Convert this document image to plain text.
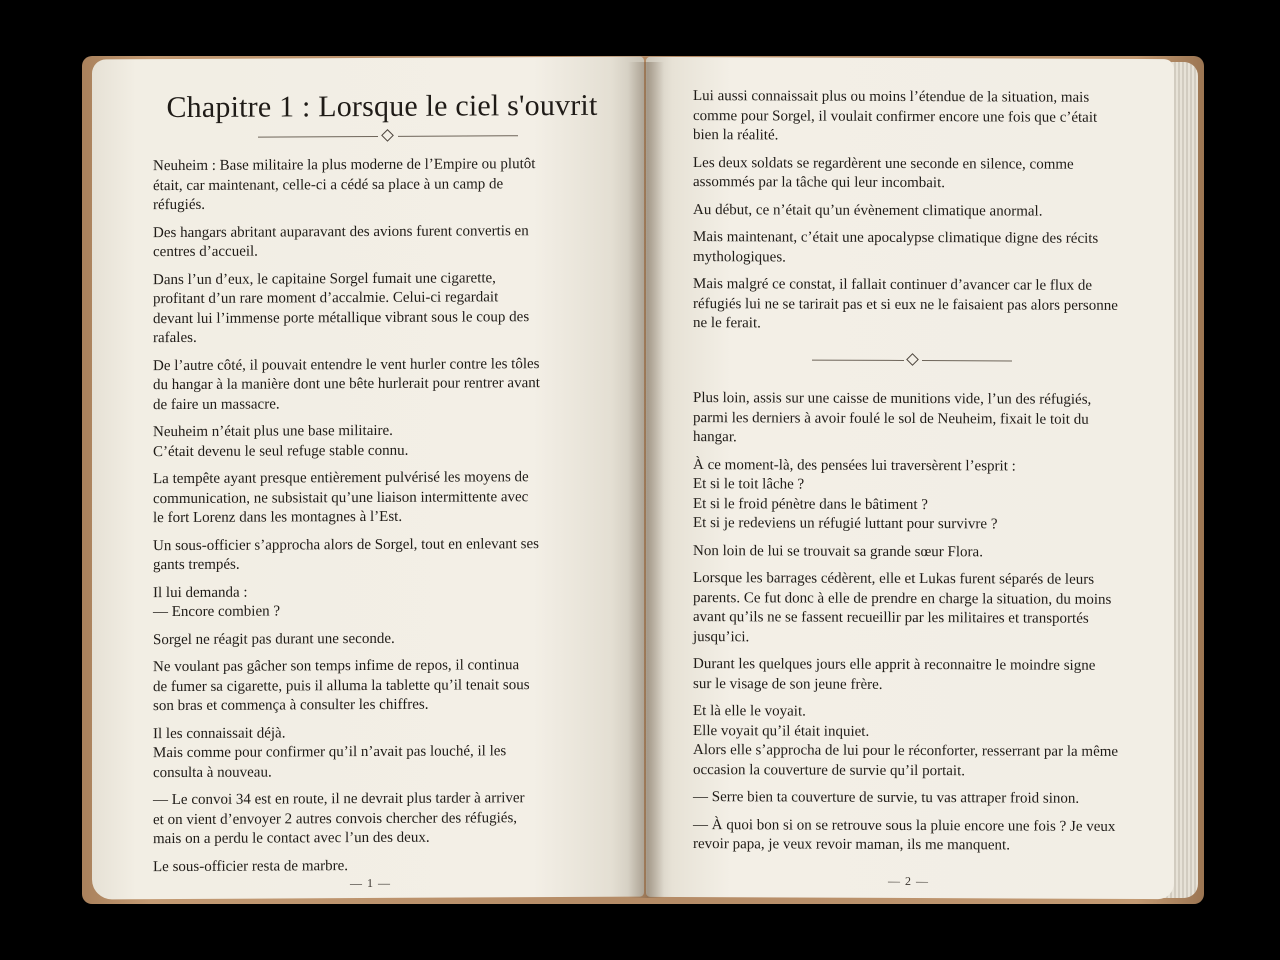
Chapitre 1 : Lorsque le ciel s'ouvrit

Neuheim : Base militaire la plus moderne de l’Empire ou plutôt
était, car maintenant, celle-ci a cédé sa place à un camp de
réfugiés.

Des hangars abritant auparavant des avions furent convertis en
centres d’accueil.

Dans l’un d’eux, le capitaine Sorgel fumait une cigarette,
profitant d’un rare moment d’accalmie. Celui-ci regardait
devant lui l’immense porte métallique vibrant sous le coup des
rafales.

De l’autre côté, il pouvait entendre le vent hurler contre les tôles
du hangar à la manière dont une bête hurlerait pour rentrer avant
de faire un massacre.

Neuheim n’était plus une base militaire.
C’était devenu le seul refuge stable connu.

La tempête ayant presque entièrement pulvérisé les moyens de
communication, ne subsistait qu’une liaison intermittente avec
le fort Lorenz dans les montagnes à l’Est.

Un sous-officier s’approcha alors de Sorgel, tout en enlevant ses
gants trempés.

Il lui demanda :
— Encore combien ?

Sorgel ne réagit pas durant une seconde.

Ne voulant pas gâcher son temps infime de repos, il continua
de fumer sa cigarette, puis il alluma la tablette qu’il tenait sous
son bras et commença à consulter les chiffres.

Il les connaissait déjà.
Mais comme pour confirmer qu’il n’avait pas louché, il les
consulta à nouveau.

— Le convoi 34 est en route, il ne devrait plus tarder à arriver
et on vient d’envoyer 2 autres convois chercher des réfugiés,
mais on a perdu le contact avec l’un des deux.

Le sous-officier resta de marbre.

— 1 —

Lui aussi connaissait plus ou moins l’étendue de la situation, mais
comme pour Sorgel, il voulait confirmer encore une fois que c’était
bien la réalité.

Les deux soldats se regardèrent une seconde en silence, comme
assommés par la tâche qui leur incombait.

Au début, ce n’était qu’un évènement climatique anormal.

Mais maintenant, c’était une apocalypse climatique digne des récits
mythologiques.

Mais malgré ce constat, il fallait continuer d’avancer car le flux de
réfugiés lui ne se tarirait pas et si eux ne le faisaient pas alors personne
ne le ferait.

Plus loin, assis sur une caisse de munitions vide, l’un des réfugiés,
parmi les derniers à avoir foulé le sol de Neuheim, fixait le toit du
hangar.

À ce moment-là, des pensées lui traversèrent l’esprit :
Et si le toit lâche ?
Et si le froid pénètre dans le bâtiment ?
Et si je redeviens un réfugié luttant pour survivre ?

Non loin de lui se trouvait sa grande sœur Flora.

Lorsque les barrages cédèrent, elle et Lukas furent séparés de leurs
parents. Ce fut donc à elle de prendre en charge la situation, du moins
avant qu’ils ne se fassent recueillir par les militaires et transportés
jusqu’ici.

Durant les quelques jours elle apprit à reconnaitre le moindre signe
sur le visage de son jeune frère.

Et là elle le voyait.
Elle voyait qu’il était inquiet.
Alors elle s’approcha de lui pour le réconforter, resserrant par la même
occasion la couverture de survie qu’il portait.

— Serre bien ta couverture de survie, tu vas attraper froid sinon.

— À quoi bon si on se retrouve sous la pluie encore une fois ? Je veux
revoir papa, je veux revoir maman, ils me manquent.

— 2 —
